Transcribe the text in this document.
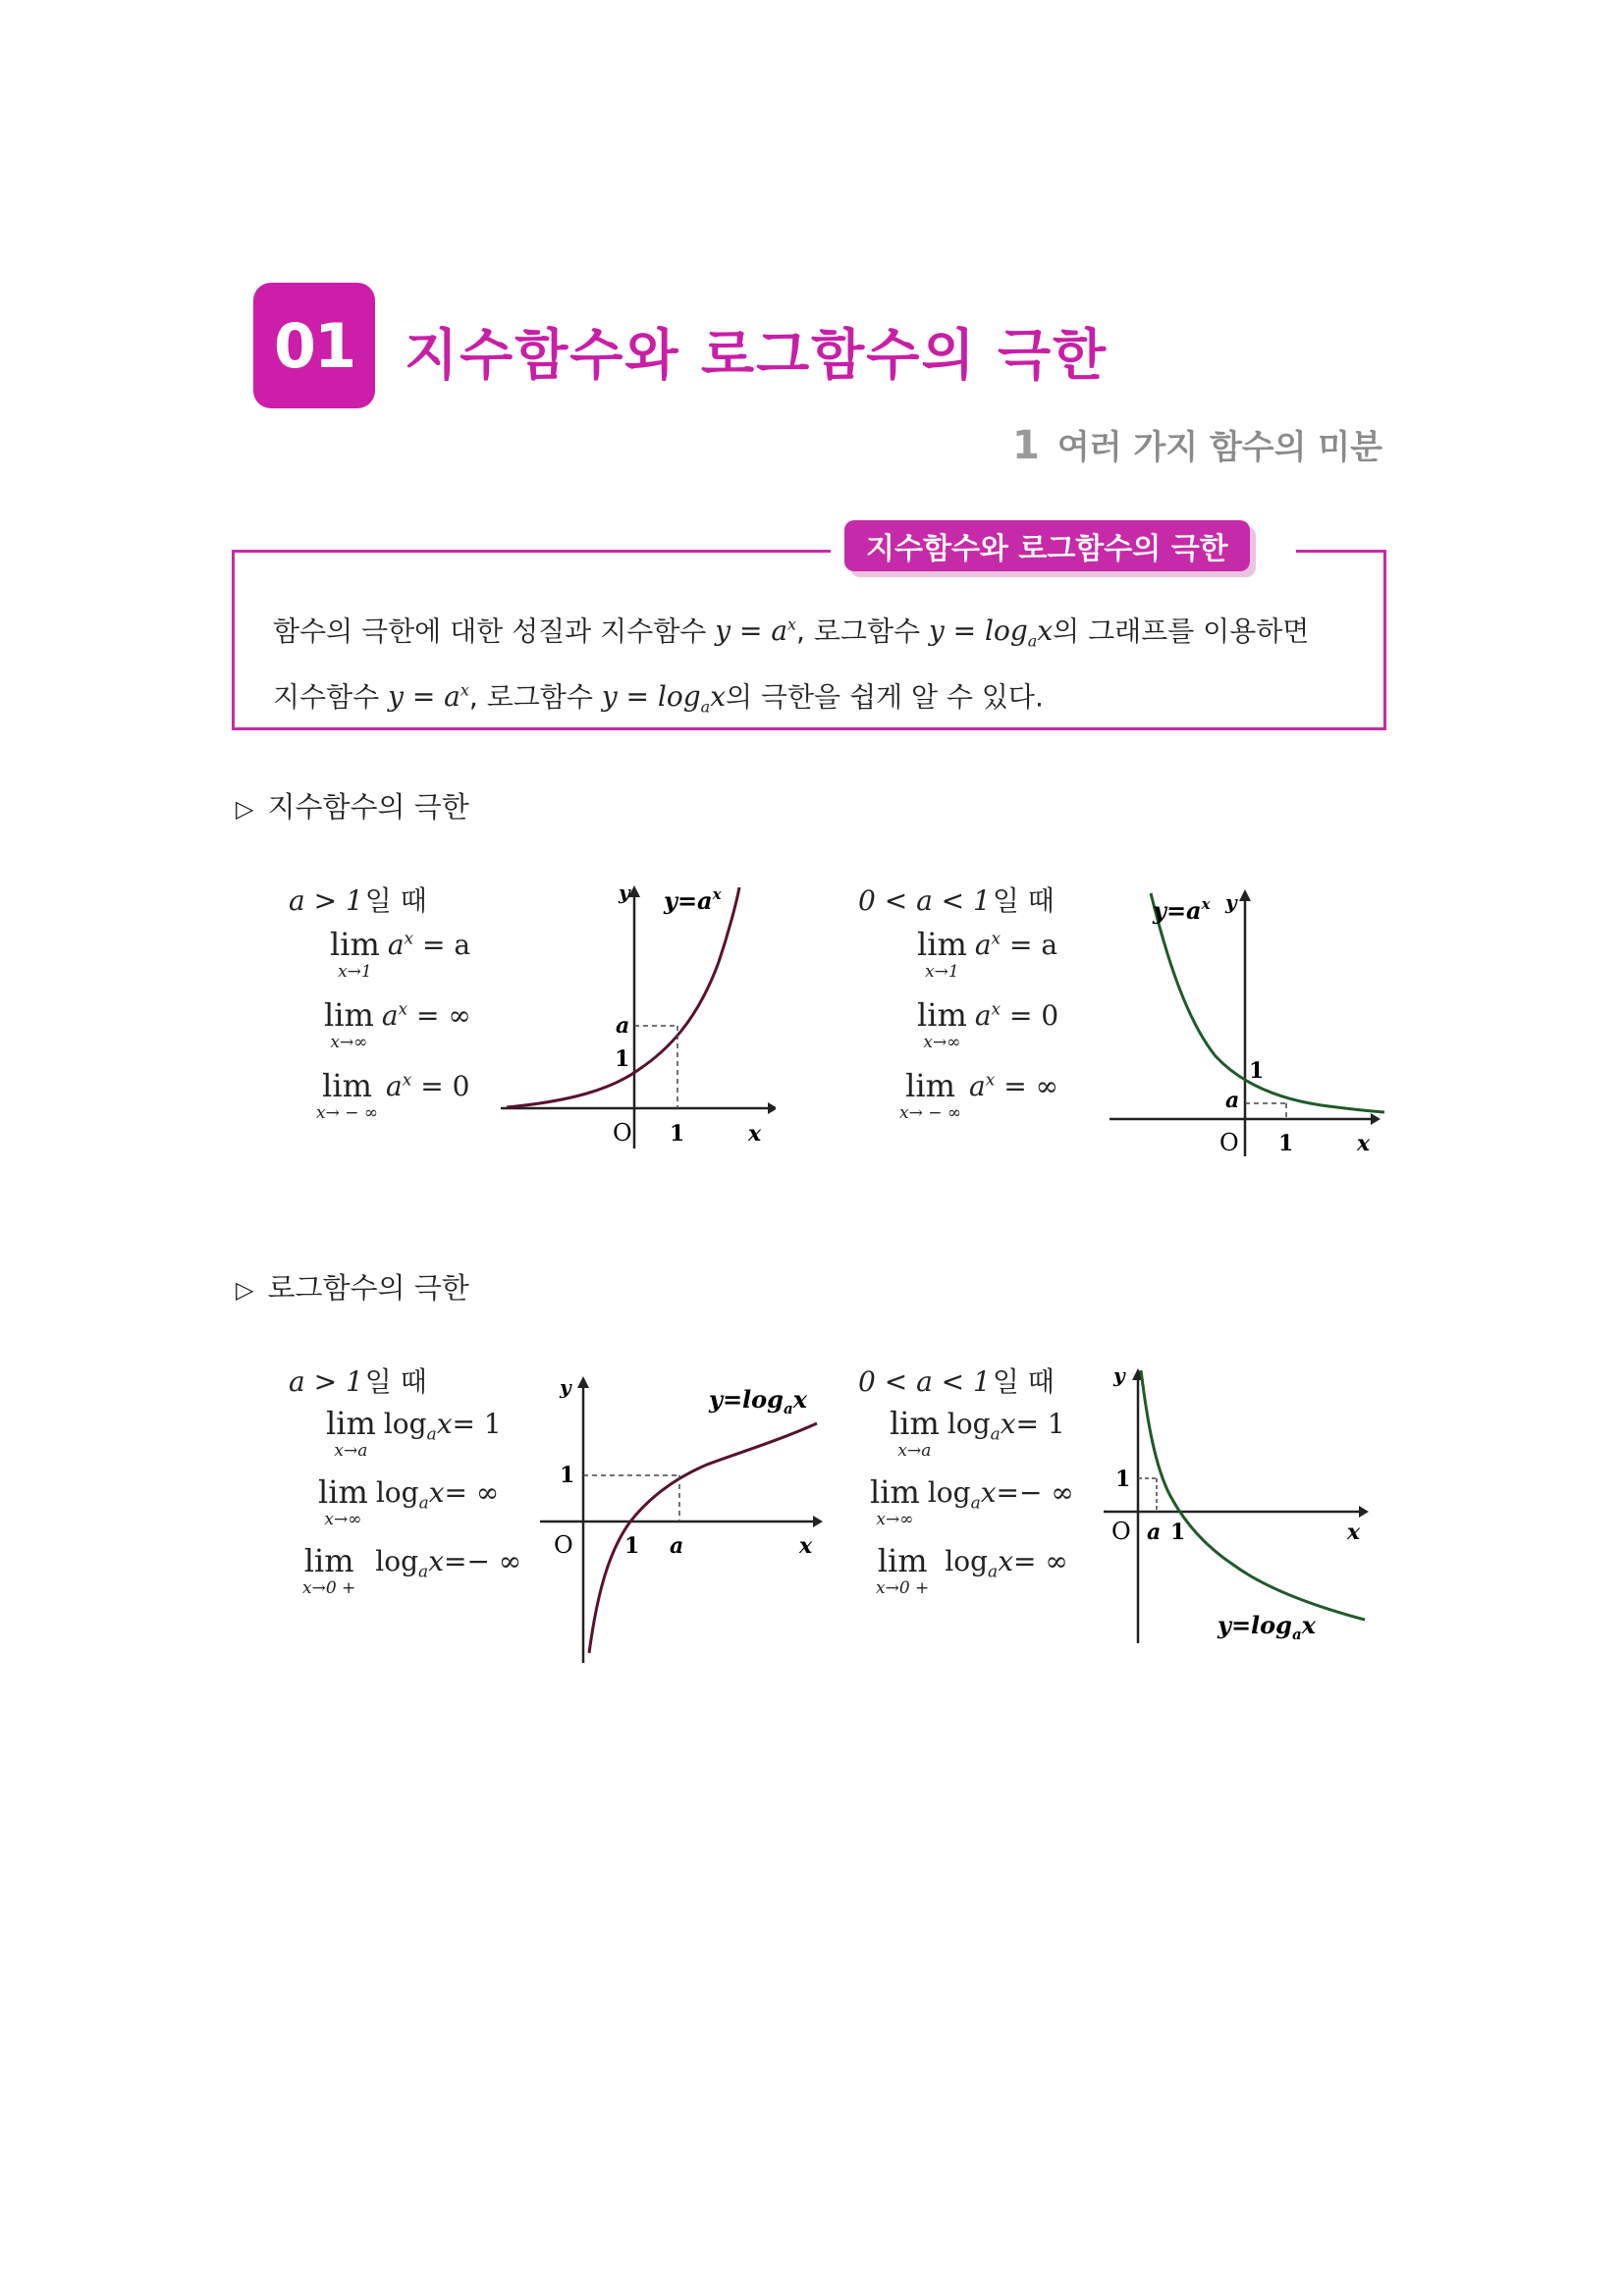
01 지수함수와 로그함수의 극한
1 여러 가지 함수의 미분
지수함수와 로그함수의 극한
함수의 극한에 대한 성질과 지수함수 $y = a^x$, 로그함수 $y = \log_ax$의 그래프를 이용하면
지수함수 $y = a^x$, 로그함수 $y = \log_ax$의 극한을 쉽게 알 수 있다.
▷ 지수함수의 극한
a > 1일 때
lim
x→1
$a^x = a$
lim
x→∞
$a^x$ = ∞
lim
x→ − ∞
$a^x = 0$
y $y=a^x$
a
1
O 1	x
0 < a < 1일 때
lim
x→1
$a^x = a$
lim
x→∞
$a^x = 0$
lim
x→ − ∞
$a^x$ = ∞
$y=a^x$ y
1
a
O 1	x
▷ 로그함수의 극한
a > 1일 때
lim
x→a
$\log_ax= 1$
lim
x→∞
$\log_ax=$ ∞
lim
x→0 +
$\log_ax=-$ ∞
y	$y=\log_ax$
1
O 1 a	x
0 < a < 1일 때
lim
x→a
$\log_ax= 1$
lim
x→∞
$\log_ax=-$ ∞
lim
x→0 +
$\log_ax=$ ∞
y
1
O a 1	x
$y=\log_ax$
